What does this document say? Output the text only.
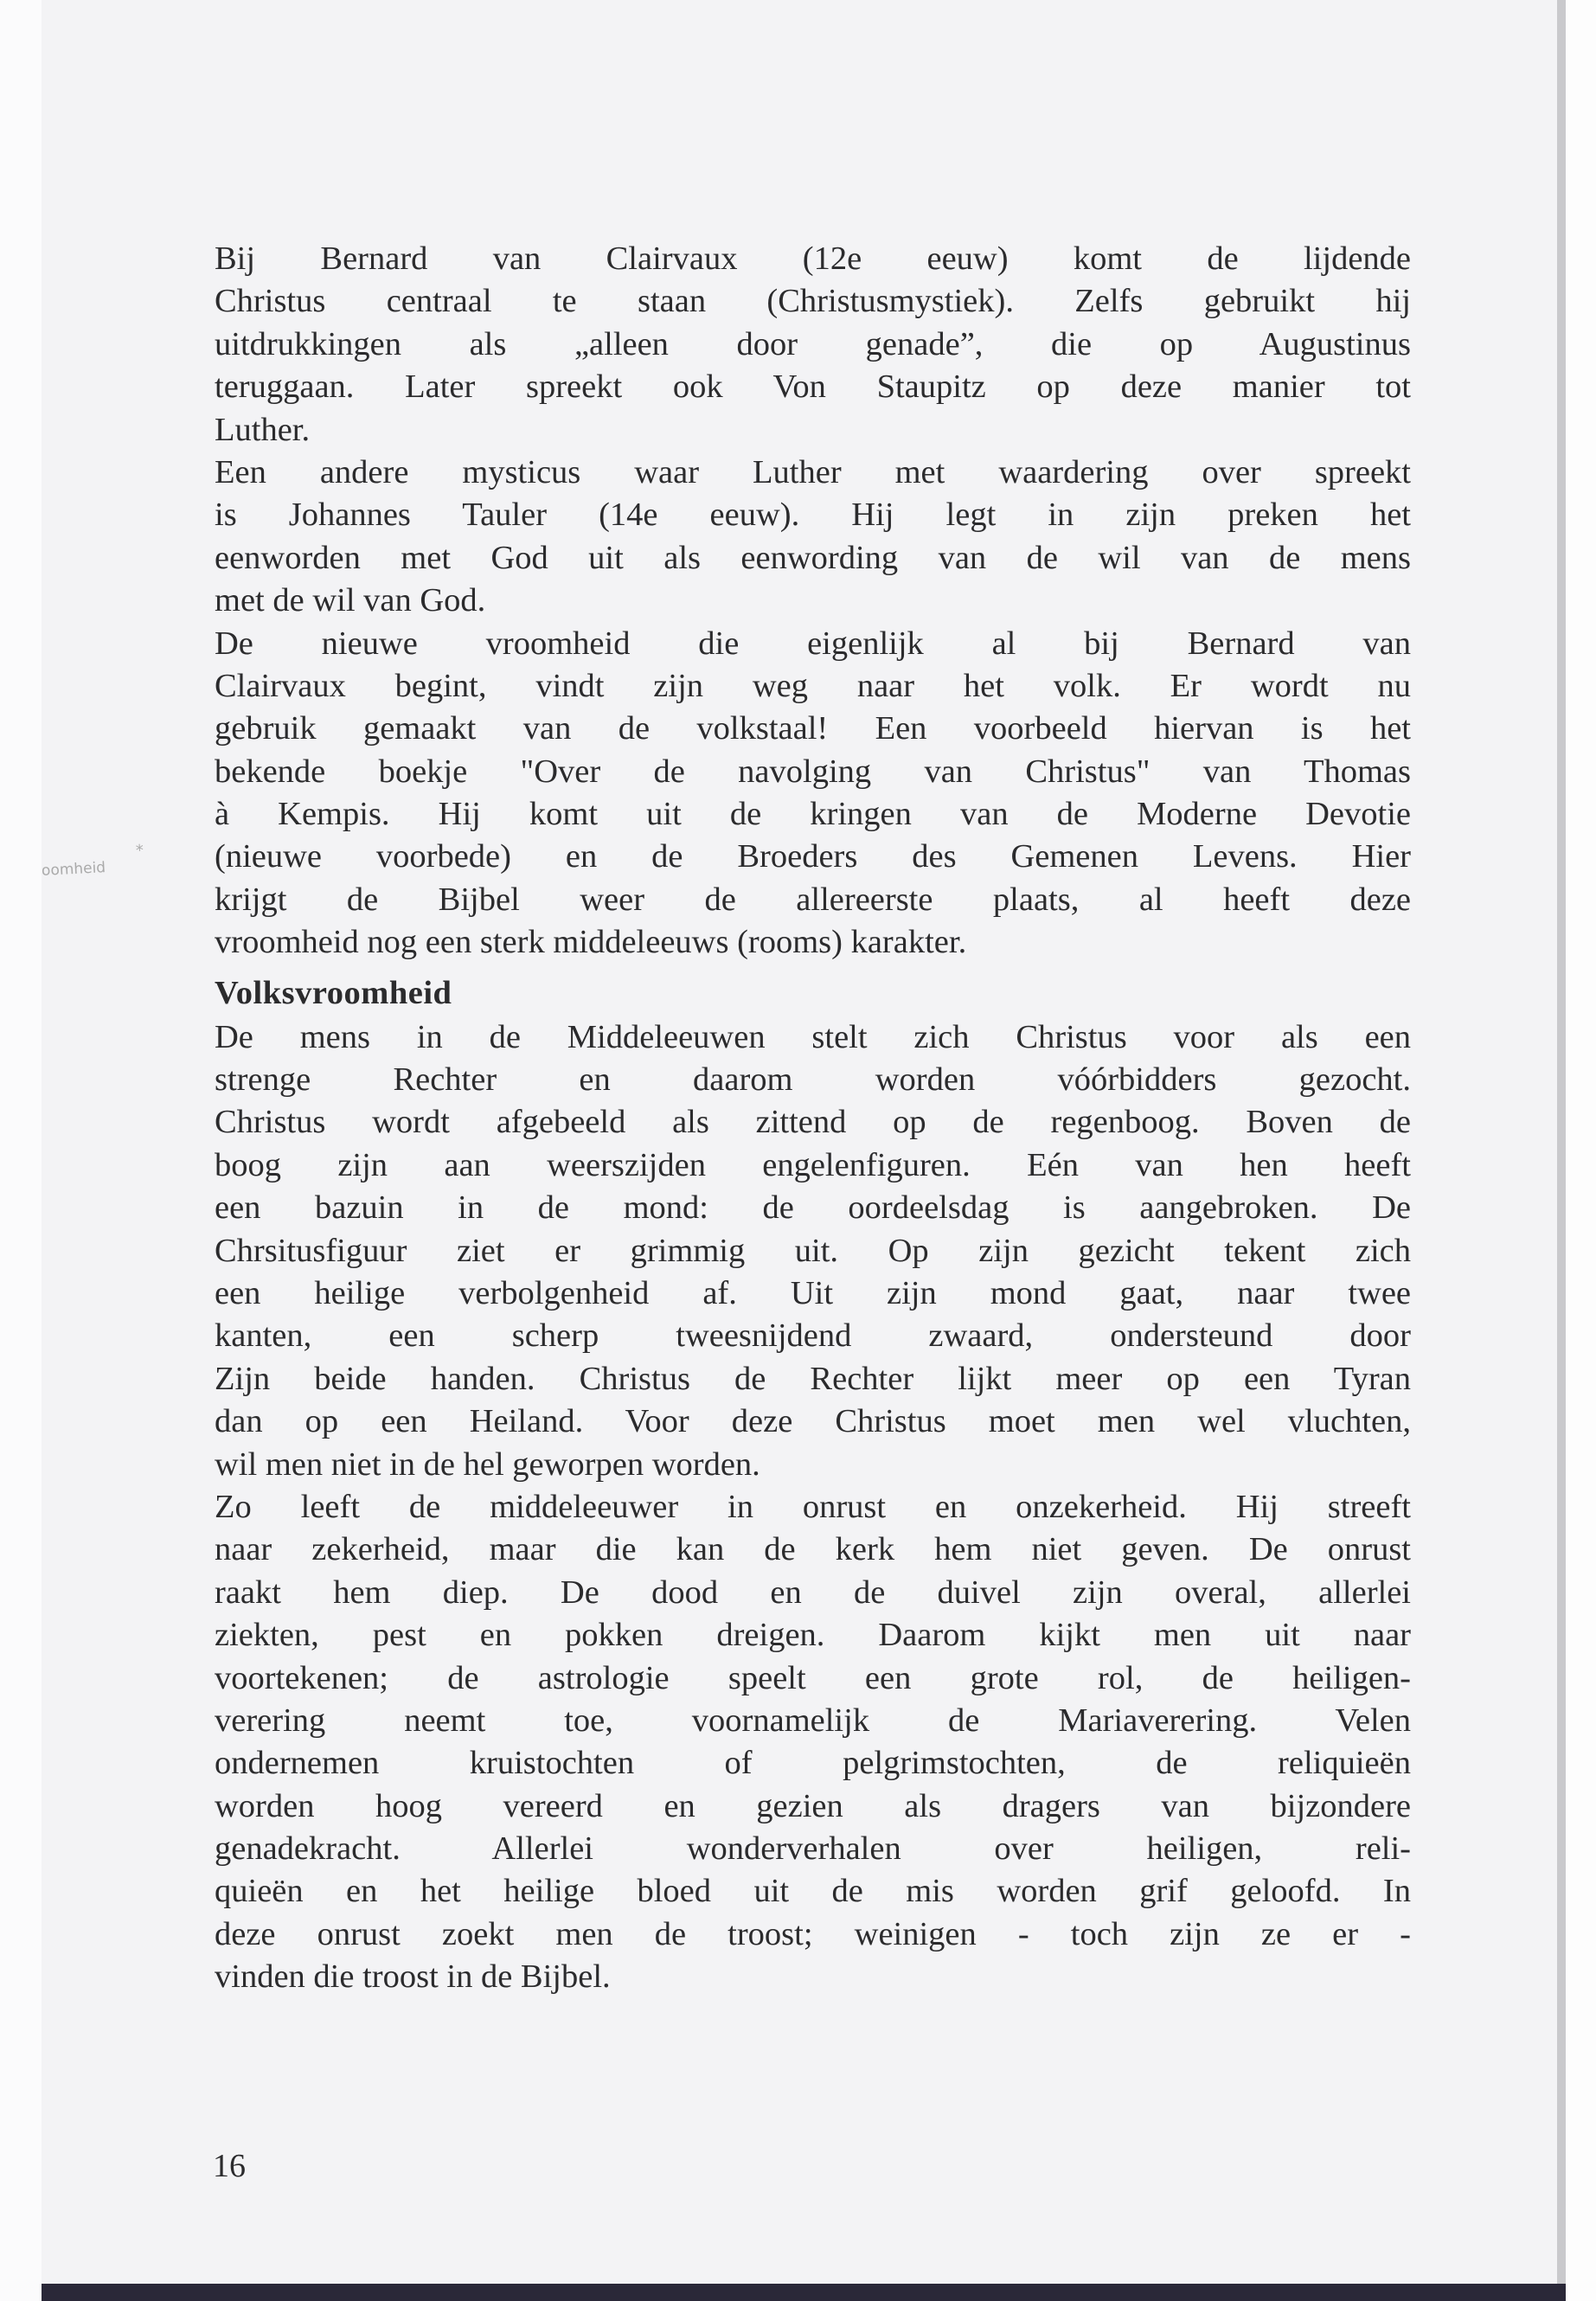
oomheid
*
Bij Bernard van Clairvaux (12e eeuw) komt de lijdende
Christus centraal te staan (Christusmystiek). Zelfs gebruikt hij
uitdrukkingen als „alleen door genade”, die op Augustinus
teruggaan. Later spreekt ook Von Staupitz op deze manier tot
Luther.
Een andere mysticus waar Luther met waardering over spreekt
is Johannes Tauler (14e eeuw). Hij legt in zijn preken het
eenworden met God uit als eenwording van de wil van de mens
met de wil van God.
De nieuwe vroomheid die eigenlijk al bij Bernard van
Clairvaux begint, vindt zijn weg naar het volk. Er wordt nu
gebruik gemaakt van de volkstaal! Een voorbeeld hiervan is het
bekende boekje "Over de navolging van Christus" van Thomas
à Kempis. Hij komt uit de kringen van de Moderne Devotie
(nieuwe voorbede) en de Broeders des Gemenen Levens. Hier
krijgt de Bijbel weer de allereerste plaats, al heeft deze
vroomheid nog een sterk middeleeuws (rooms) karakter.
Volksvroomheid
De mens in de Middeleeuwen stelt zich Christus voor als een
strenge Rechter en daarom worden vóórbidders gezocht.
Christus wordt afgebeeld als zittend op de regenboog. Boven de
boog zijn aan weerszijden engelenfiguren. Eén van hen heeft
een bazuin in de mond: de oordeelsdag is aangebroken. De
Chrsitusfiguur ziet er grimmig uit. Op zijn gezicht tekent zich
een heilige verbolgenheid af. Uit zijn mond gaat, naar twee
kanten, een scherp tweesnijdend zwaard, ondersteund door
Zijn beide handen. Christus de Rechter lijkt meer op een Tyran
dan op een Heiland. Voor deze Christus moet men wel vluchten,
wil men niet in de hel geworpen worden.
Zo leeft de middeleeuwer in onrust en onzekerheid. Hij streeft
naar zekerheid, maar die kan de kerk hem niet geven. De onrust
raakt hem diep. De dood en de duivel zijn overal, allerlei
ziekten, pest en pokken dreigen. Daarom kijkt men uit naar
voortekenen; de astrologie speelt een grote rol, de heiligen-
verering neemt toe, voornamelijk de Mariaverering. Velen
ondernemen kruistochten of pelgrimstochten, de reliquieën
worden hoog vereerd en gezien als dragers van bijzondere
genadekracht. Allerlei wonderverhalen over heiligen, reli-
quieën en het heilige bloed uit de mis worden grif geloofd. In
deze onrust zoekt men de troost; weinigen - toch zijn ze er -
vinden die troost in de Bijbel.
16
